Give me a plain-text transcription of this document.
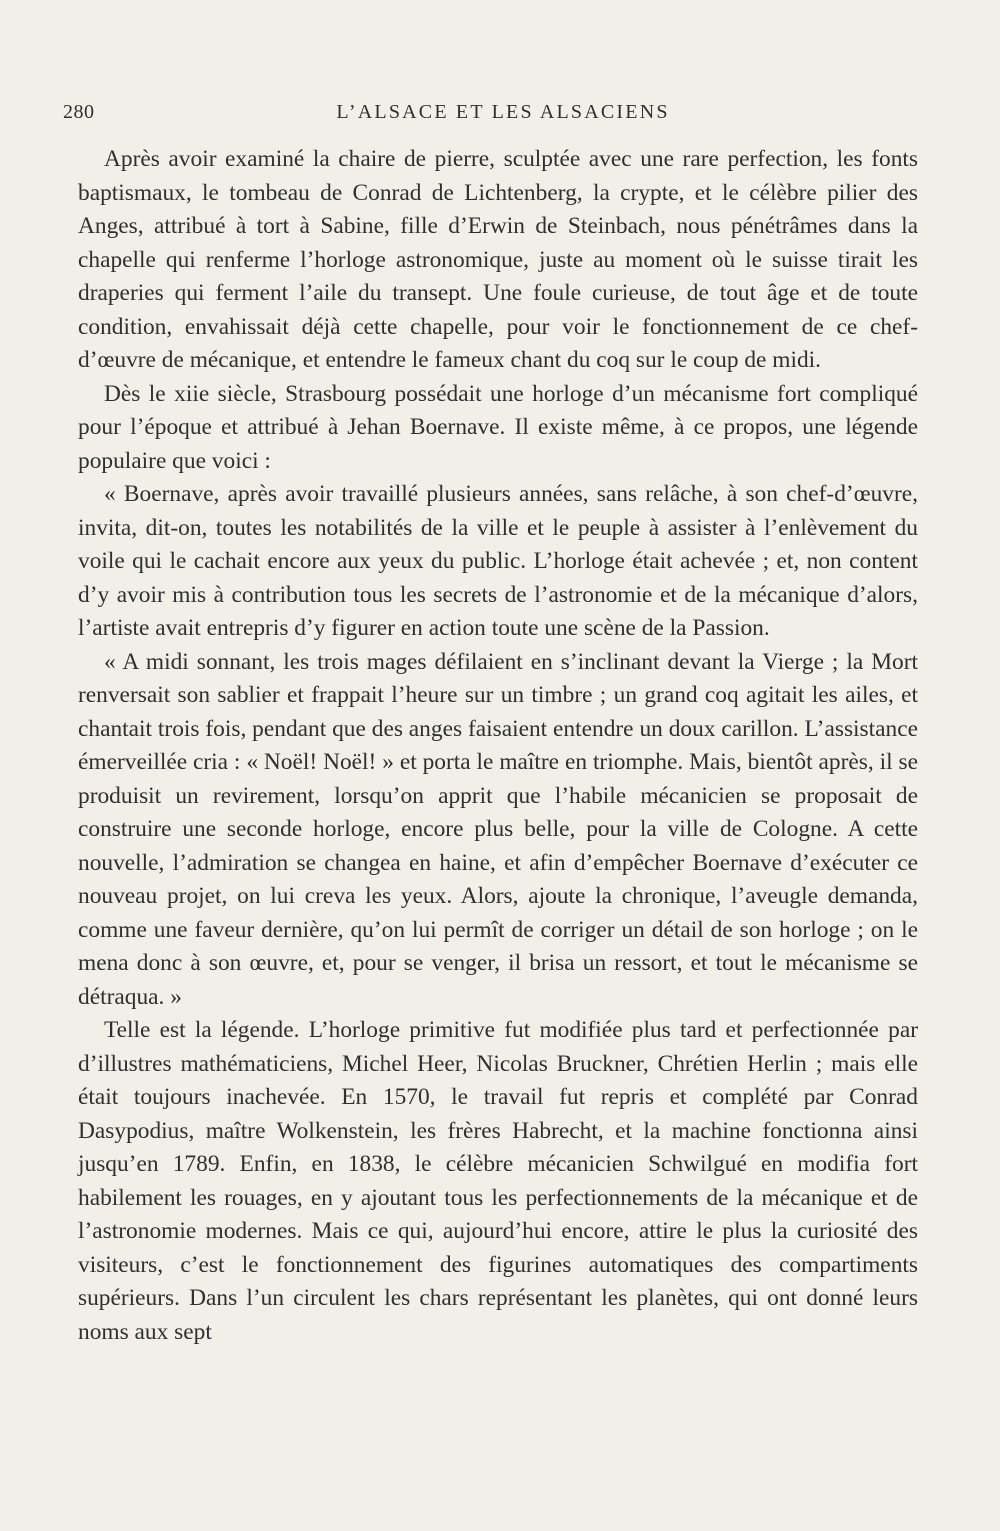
280	L’ALSACE ET LES ALSACIENS

Après avoir examiné la chaire de pierre, sculptée avec une rare perfection, les fonts baptismaux, le tombeau de Conrad de Lichtenberg, la crypte, et le célèbre pilier des Anges, attribué à tort à Sabine, fille d’Erwin de Steinbach, nous pénétrâmes dans la chapelle qui renferme l’horloge astronomique, juste au moment où le suisse tirait les draperies qui ferment l’aile du transept. Une foule curieuse, de tout âge et de toute condition, envahissait déjà cette chapelle, pour voir le fonctionnement de ce chef-d’œuvre de mécanique, et entendre le fameux chant du coq sur le coup de midi.

Dès le xiie siècle, Strasbourg possédait une horloge d’un mécanisme fort compliqué pour l’époque et attribué à Jehan Boernave. Il existe même, à ce propos, une légende populaire que voici :

« Boernave, après avoir travaillé plusieurs années, sans relâche, à son chef-d’œuvre, invita, dit-on, toutes les notabilités de la ville et le peuple à assister à l’enlèvement du voile qui le cachait encore aux yeux du public. L’horloge était achevée ; et, non content d’y avoir mis à contribution tous les secrets de l’astronomie et de la mécanique d’alors, l’artiste avait entrepris d’y figurer en action toute une scène de la Passion.

« A midi sonnant, les trois mages défilaient en s’inclinant devant la Vierge ; la Mort renversait son sablier et frappait l’heure sur un timbre ; un grand coq agitait les ailes, et chantait trois fois, pendant que des anges faisaient entendre un doux carillon. L’assistance émerveillée cria : « Noël! Noël! » et porta le maître en triomphe. Mais, bientôt après, il se produisit un revirement, lorsqu’on apprit que l’habile mécanicien se proposait de construire une seconde horloge, encore plus belle, pour la ville de Cologne. A cette nouvelle, l’admiration se changea en haine, et afin d’empêcher Boernave d’exécuter ce nouveau projet, on lui creva les yeux. Alors, ajoute la chronique, l’aveugle demanda, comme une faveur dernière, qu’on lui permît de corriger un détail de son horloge ; on le mena donc à son œuvre, et, pour se venger, il brisa un ressort, et tout le mécanisme se détraqua. »

Telle est la légende. L’horloge primitive fut modifiée plus tard et perfectionnée par d’illustres mathématiciens, Michel Heer, Nicolas Bruckner, Chrétien Herlin ; mais elle était toujours inachevée. En 1570, le travail fut repris et complété par Conrad Dasypodius, maître Wolkenstein, les frères Habrecht, et la machine fonctionna ainsi jusqu’en 1789. Enfin, en 1838, le célèbre mécanicien Schwilgué en modifia fort habilement les rouages, en y ajoutant tous les perfectionnements de la mécanique et de l’astronomie modernes. Mais ce qui, aujourd’hui encore, attire le plus la curiosité des visiteurs, c’est le fonctionnement des figurines automatiques des compartiments supérieurs. Dans l’un circulent les chars représentant les planètes, qui ont donné leurs noms aux sept
